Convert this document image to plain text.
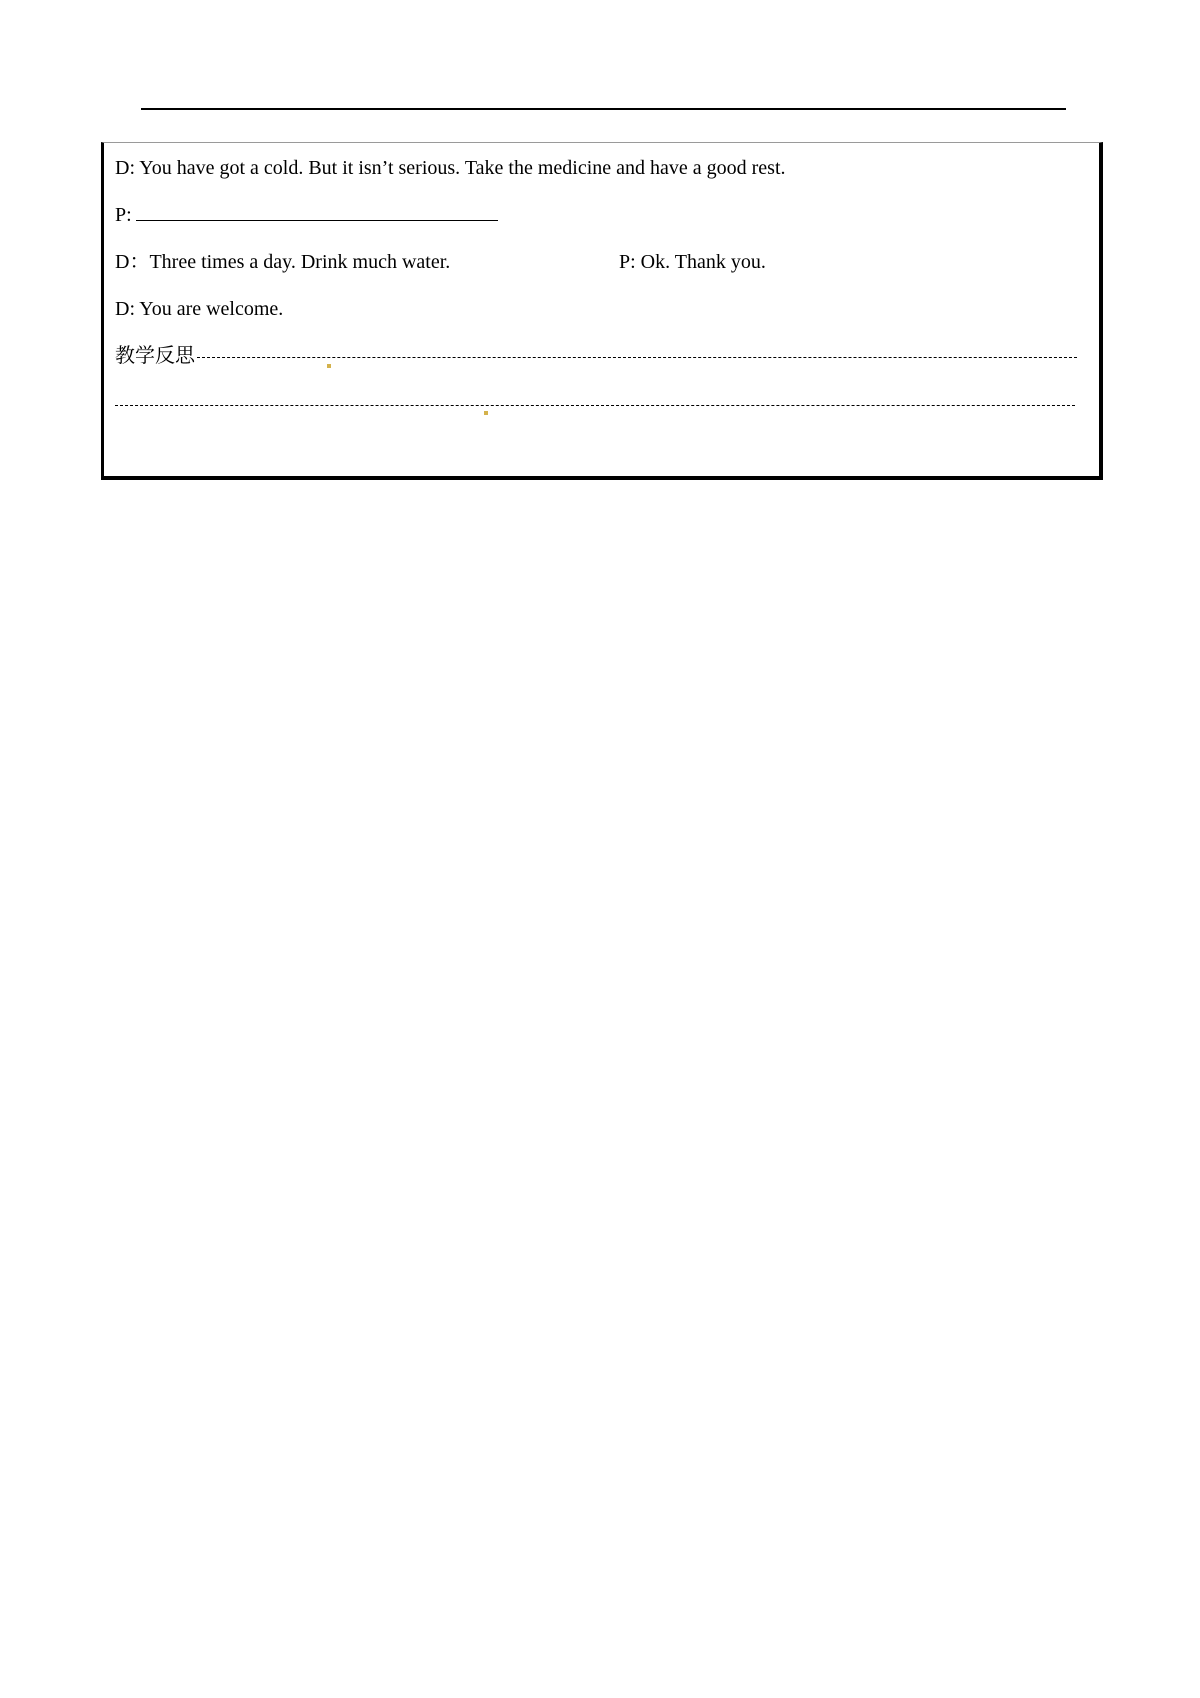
D: You have got a cold. But it isn’t serious. Take the medicine and have a good rest.
P:
D：Three times a day. Drink much water.	P: Ok. Thank you.
D: You are welcome.
教学反思
